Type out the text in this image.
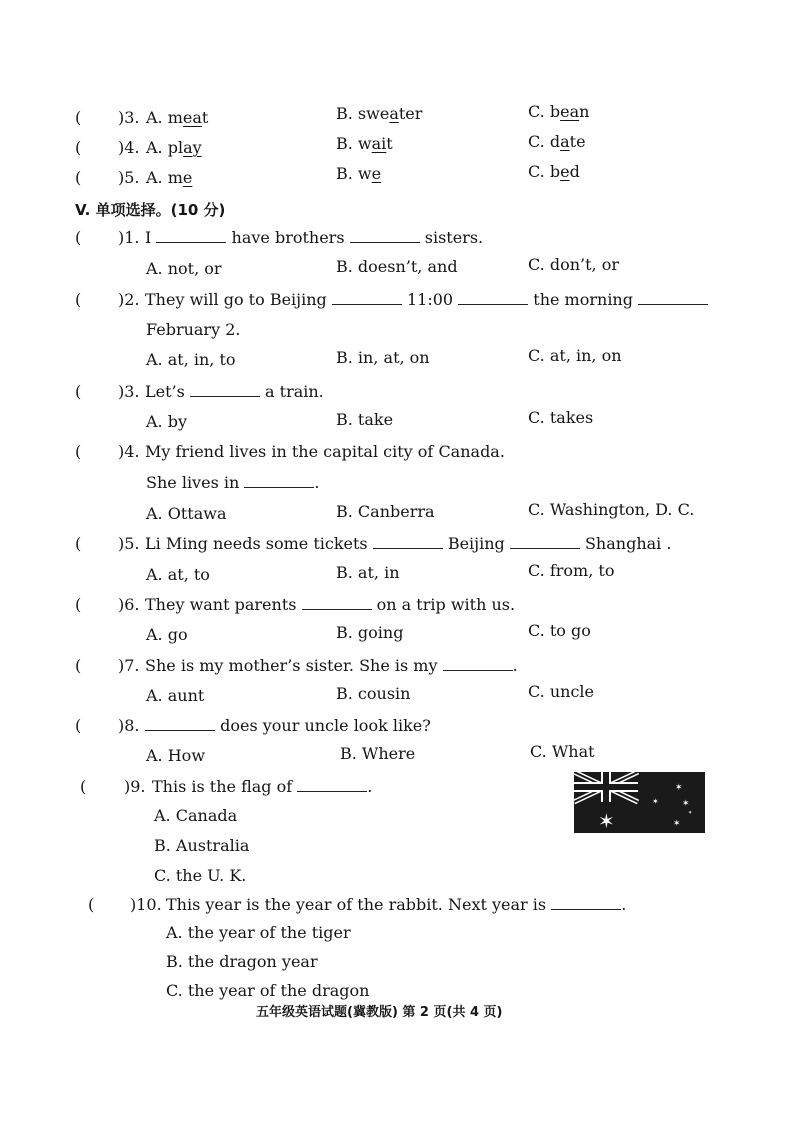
( )3. A. meat	B. sweater	C. bean
( )4. A. play	B. wait	C. date
( )5. A. me	B. we	C. bed
V. 单项选择。(10 分)
( )1. I	have brothers	sisters.
A. not, or	B. doesn’t, and	C. don’t, or
( )2. They will go to Beijing	11:00	the morning
February 2.
A. at, in, to	B. in, at, on	C. at, in, on
( )3. Let’s	a train.
A. by	B. take	C. takes
( )4. My friend lives in the capital city of Canada.
She lives in	.
A. Ottawa	B. Canberra	C. Washington, D. C.
( )5. Li Ming needs some tickets	Beijing	Shanghai .
A. at, to	B. at, in	C. from, to
( )6. They want parents	on a trip with us.
A. go	B. going	C. to go
( )7. She is my mother’s sister. She is my	.
A. aunt	B. cousin	C. uncle
( )8.	does your uncle look like?
A. How	B. Where	C. What
( )9. This is the flag of	.
A. Canada
B. Australia
C. the U. K.
✶
✶
✶
✶
✶
✶
( )10. This year is the year of the rabbit. Next year is	.
A. the year of the tiger
B. the dragon year
C. the year of the dragon
五年级英语试题(冀教版) 第 2 页(共 4 页)
